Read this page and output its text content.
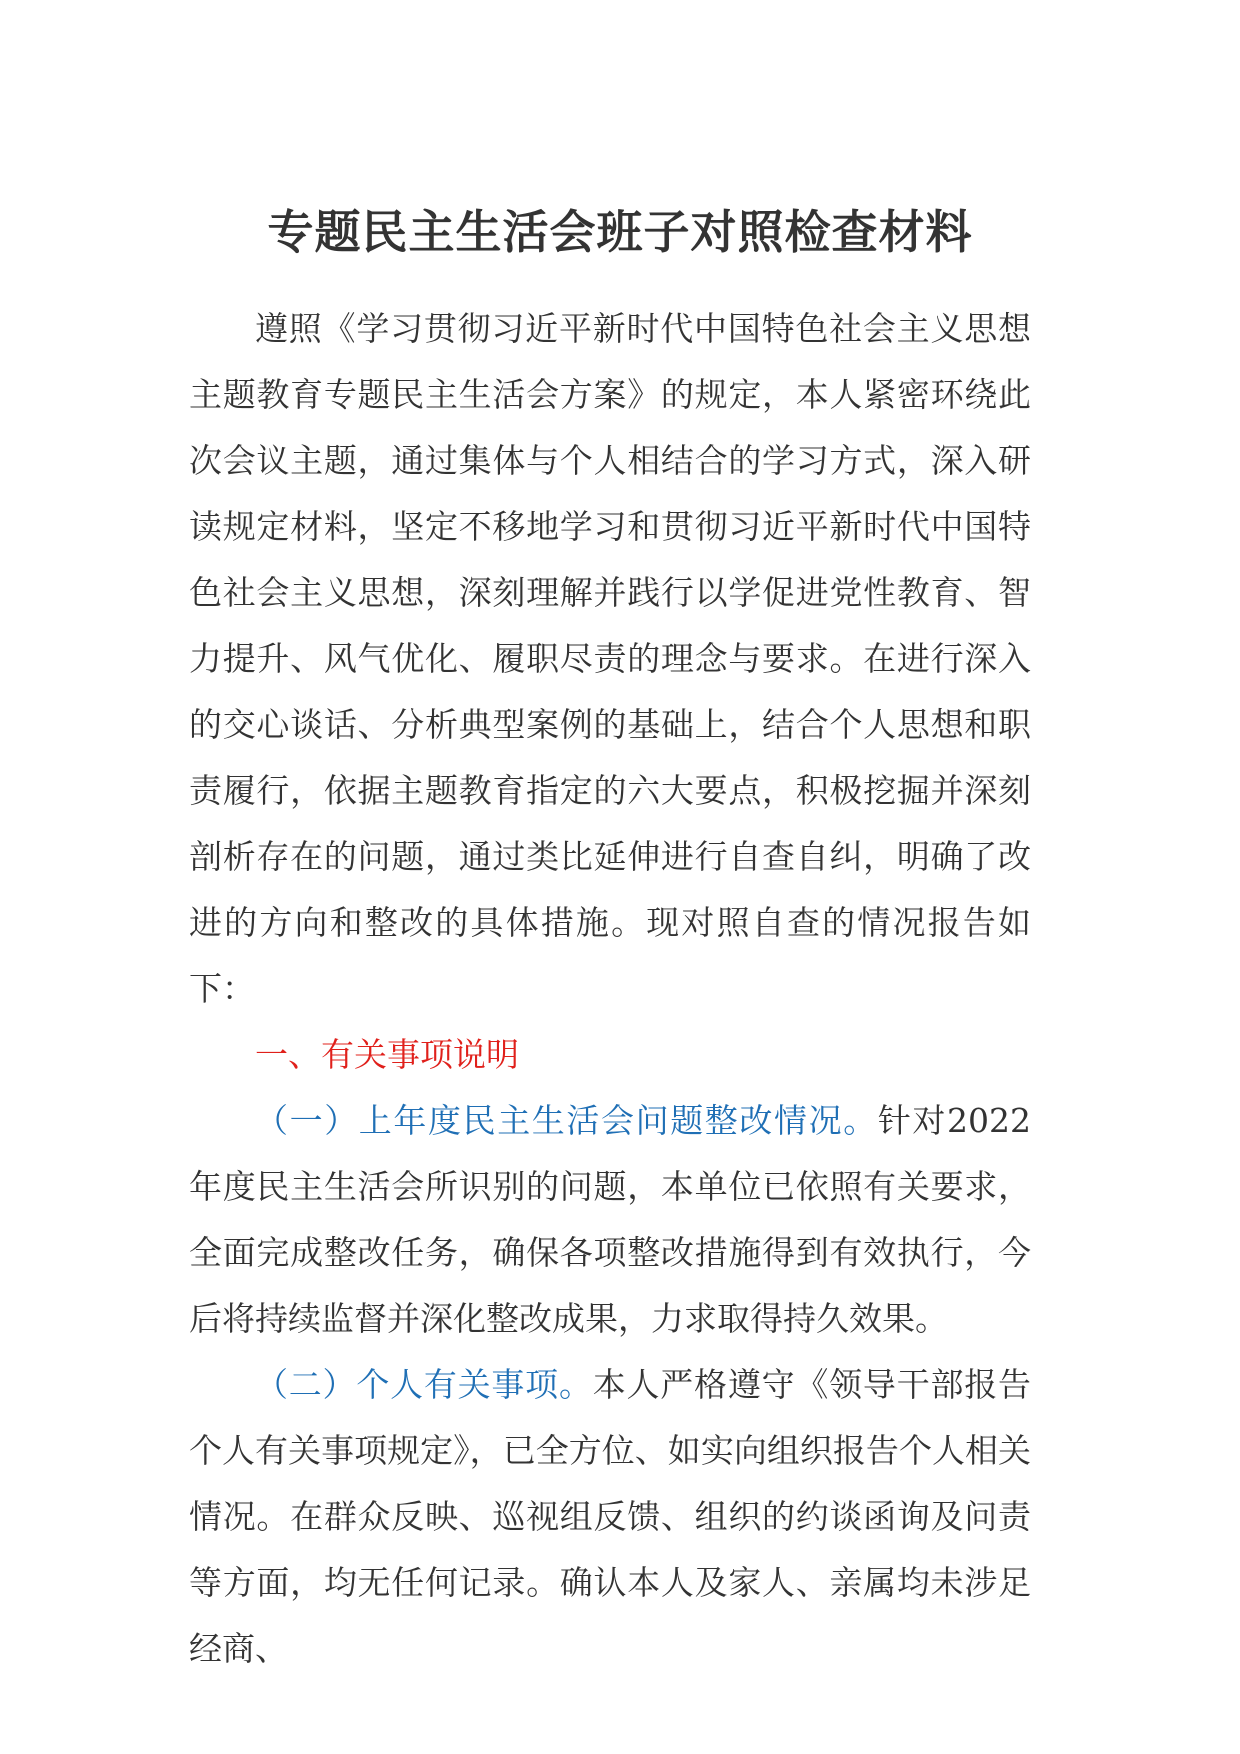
专题民主生活会班子对照检查材料

遵照《学习贯彻习近平新时代中国特色社会主义思想主题教育专题民主生活会方案》的规定，本人紧密环绕此次会议主题，通过集体与个人相结合的学习方式，深入研读规定材料，坚定不移地学习和贯彻习近平新时代中国特色社会主义思想，深刻理解并践行以学促进党性教育、智力提升、风气优化、履职尽责的理念与要求。在进行深入的交心谈话、分析典型案例的基础上，结合个人思想和职责履行，依据主题教育指定的六大要点，积极挖掘并深刻剖析存在的问题，通过类比延伸进行自查自纠，明确了改进的方向和整改的具体措施。现对照自查的情况报告如下：

一、有关事项说明

（一）上年度民主生活会问题整改情况。针对2022年度民主生活会所识别的问题，本单位已依照有关要求，全面完成整改任务，确保各项整改措施得到有效执行，今后将持续监督并深化整改成果，力求取得持久效果。

（二）个人有关事项。本人严格遵守《领导干部报告个人有关事项规定》，已全方位、如实向组织报告个人相关情况。在群众反映、巡视组反馈、组织的约谈函询及问责等方面，均无任何记录。确认本人及家人、亲属均未涉足经商、
